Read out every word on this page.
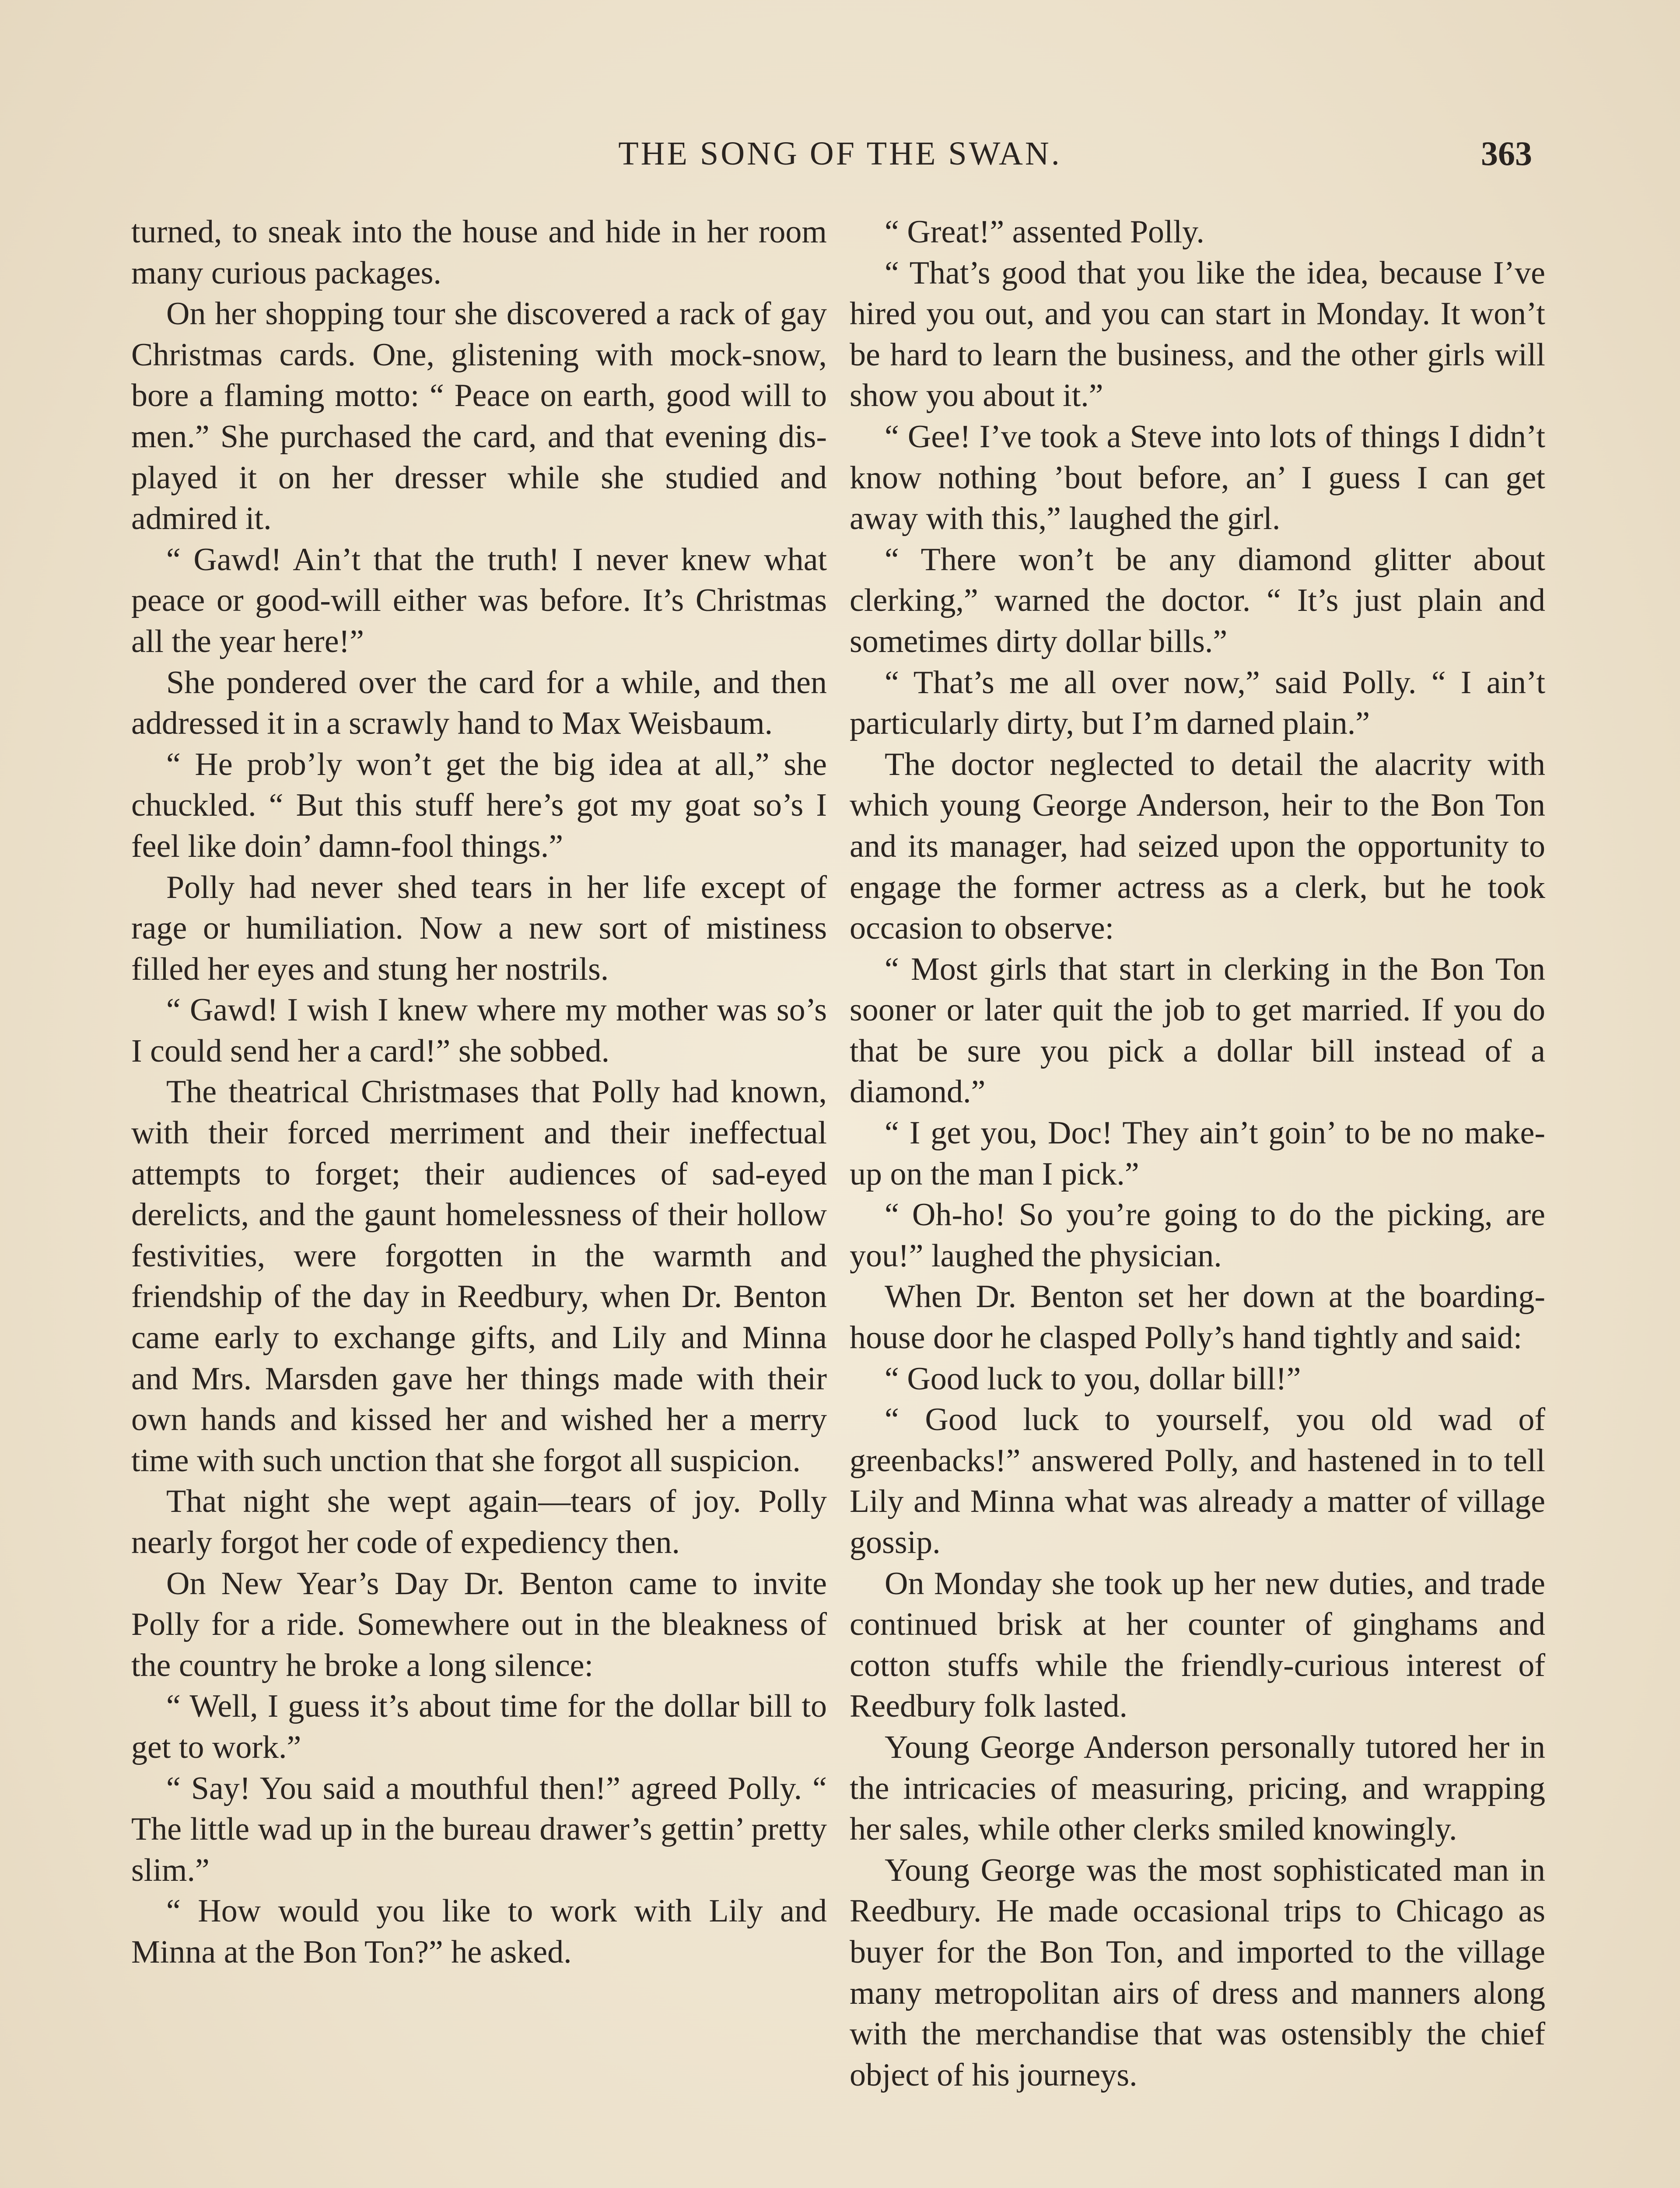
THE SONG OF THE SWAN.	363

turned, to sneak into the house and hide in her room many curious packages.

On her shopping tour she discovered a rack of gay Christmas cards. One, glistening with mock-snow, bore a flaming motto: “ Peace on earth, good will to men.” She purchased the card, and that evening displayed it on her dresser while she studied and admired it.

“ Gawd! Ain’t that the truth! I never knew what peace or good-will either was before. It’s Christmas all the year here!”

She pondered over the card for a while, and then addressed it in a scrawly hand to Max Weisbaum.

“ He prob’ly won’t get the big idea at all,” she chuckled. “ But this stuff here’s got my goat so’s I feel like doin’ damn-fool things.”

Polly had never shed tears in her life except of rage or humiliation. Now a new sort of mistiness filled her eyes and stung her nostrils.

“ Gawd! I wish I knew where my mother was so’s I could send her a card!” she sobbed.

The theatrical Christmases that Polly had known, with their forced merriment and their ineffectual attempts to forget; their audiences of sad-eyed derelicts, and the gaunt homelessness of their hollow festivities, were forgotten in the warmth and friendship of the day in Reedbury, when Dr. Benton came early to exchange gifts, and Lily and Minna and Mrs. Marsden gave her things made with their own hands and kissed her and wished her a merry time with such unction that she forgot all suspicion.

That night she wept again—tears of joy. Polly nearly forgot her code of expediency then.

On New Year’s Day Dr. Benton came to invite Polly for a ride. Somewhere out in the bleakness of the country he broke a long silence:

“ Well, I guess it’s about time for the dollar bill to get to work.”

“ Say! You said a mouthful then!” agreed Polly. “ The little wad up in the bureau drawer’s gettin’ pretty slim.”

“ How would you like to work with Lily and Minna at the Bon Ton?” he asked.

“ Great!” assented Polly.

“ That’s good that you like the idea, because I’ve hired you out, and you can start in Monday. It won’t be hard to learn the business, and the other girls will show you about it.”

“ Gee! I’ve took a Steve into lots of things I didn’t know nothing ’bout before, an’ I guess I can get away with this,” laughed the girl.

“ There won’t be any diamond glitter about clerking,” warned the doctor. “ It’s just plain and sometimes dirty dollar bills.”

“ That’s me all over now,” said Polly. “ I ain’t particularly dirty, but I’m darned plain.”

The doctor neglected to detail the alacrity with which young George Anderson, heir to the Bon Ton and its manager, had seized upon the opportunity to engage the former actress as a clerk, but he took occasion to observe:

“ Most girls that start in clerking in the Bon Ton sooner or later quit the job to get married. If you do that be sure you pick a dollar bill instead of a diamond.”

“ I get you, Doc! They ain’t goin’ to be no make-up on the man I pick.”

“ Oh-ho! So you’re going to do the picking, are you!” laughed the physician.

When Dr. Benton set her down at the boarding-house door he clasped Polly’s hand tightly and said:

“ Good luck to you, dollar bill!”

“ Good luck to yourself, you old wad of greenbacks!” answered Polly, and hastened in to tell Lily and Minna what was already a matter of village gossip.

On Monday she took up her new duties, and trade continued brisk at her counter of ginghams and cotton stuffs while the friendly-curious interest of Reedbury folk lasted.

Young George Anderson personally tutored her in the intricacies of measuring, pricing, and wrapping her sales, while other clerks smiled knowingly.

Young George was the most sophisticated man in Reedbury. He made occasional trips to Chicago as buyer for the Bon Ton, and imported to the village many metropolitan airs of dress and manners along with the merchandise that was ostensibly the chief object of his journeys.
